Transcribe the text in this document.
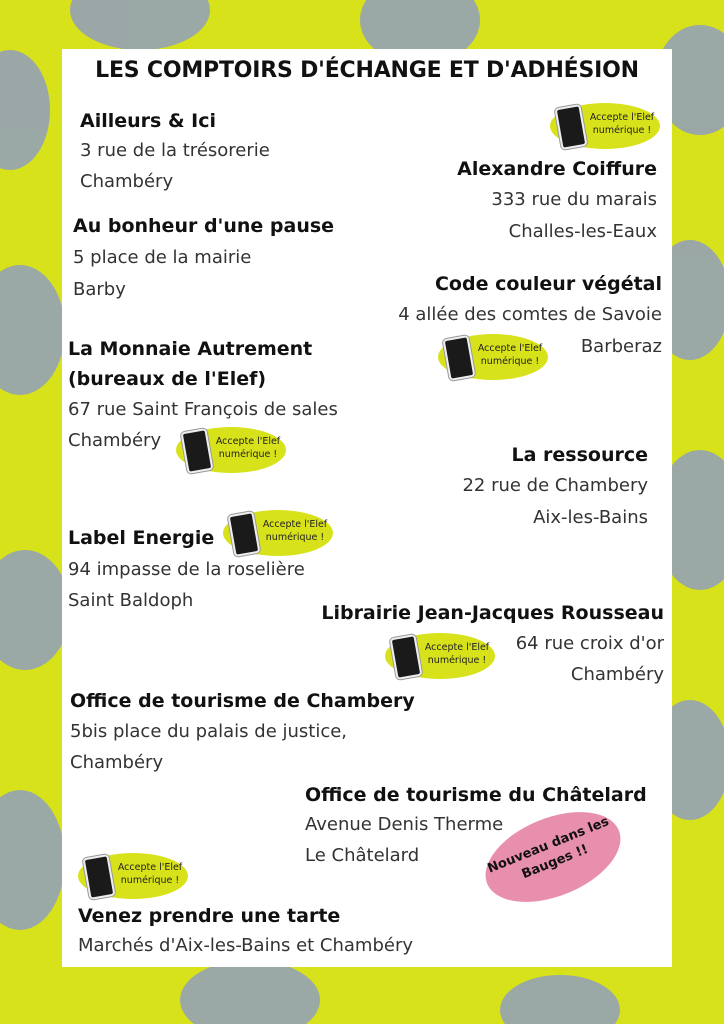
LES COMPTOIRS D'ÉCHANGE ET D'ADHÉSION
Ailleurs & Ici
3 rue de la trésorerie
Chambéry
Accepte l'Elef numérique !
Alexandre Coiffure
333 rue du marais
Challes-les-Eaux
Au bonheur d'une pause
5 place de la mairie
Barby	Code couleur végétal
4 allée des comtes de Savoie
Barberaz
Accepte l'Elef numérique !
La Monnaie Autrement
(bureaux de l'Elef)
67 rue Saint François de sales
Chambéry	Accepte l'Elef numérique !	La ressource
22 rue de Chambery
Aix-les-Bains
Label Energie
94 impasse de la roselière
Saint Baldoph
Accepte l'Elef numérique !
Librairie Jean-Jacques Rousseau
64 rue croix d'or
Chambéry
Accepte l'Elef numérique !
Office de tourisme de Chambery
5bis place du palais de justice,
Chambéry
Office de tourisme du Châtelard
Avenue Denis Therme
Le Châtelard	Nouveau dans les Bauges !!
Accepte l'Elef numérique !
Venez prendre une tarte
Marchés d'Aix-les-Bains et Chambéry
